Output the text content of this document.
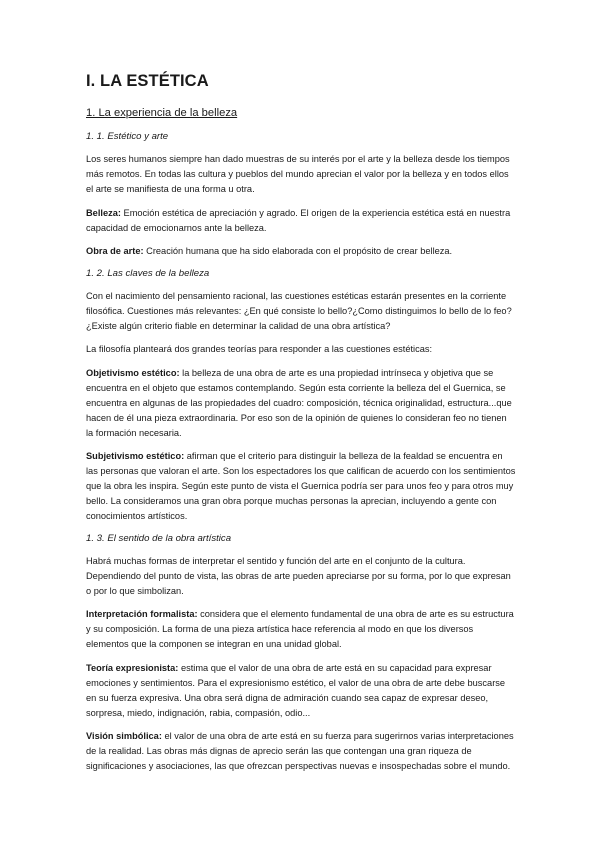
I. LA ESTÉTICA
1. La experiencia de la belleza
1. 1. Estético y arte

Los seres humanos siempre han dado muestras de su interés por el arte y la belleza desde los tiempos más remotos. En todas las cultura y pueblos del mundo aprecian el valor por la belleza y en todos ellos el arte se manifiesta de una forma u otra.

Belleza: Emoción estética de apreciación y agrado. El origen de la experiencia estética está en nuestra capacidad de emocionarnos ante la belleza.

Obra de arte: Creación humana que ha sido elaborada con el propósito de crear belleza.

1. 2. Las claves de la belleza

Con el nacimiento del pensamiento racional, las cuestiones estéticas estarán presentes en la corriente filosófica. Cuestiones más relevantes: ¿En qué consiste lo bello?¿Como distinguimos lo bello de lo feo?¿Existe algún criterio fiable en determinar la calidad de una obra artística?

La filosofía planteará dos grandes teorías para responder a las cuestiones estéticas:

Objetivismo estético: la belleza de una obra de arte es una propiedad intrínseca y objetiva que se encuentra en el objeto que estamos contemplando. Según esta corriente la belleza del el Guernica, se encuentra en algunas de las propiedades del cuadro: composición, técnica originalidad, estructura...que hacen de él una pieza extraordinaria. Por eso son de la opinión de quienes lo consideran feo no tienen la formación necesaria.

Subjetivismo estético: afirman que el criterio para distinguir la belleza de la fealdad se encuentra en las personas que valoran el arte. Son los espectadores los que califican de acuerdo con los sentimientos que la obra les inspira. Según este punto de vista el Guernica podría ser para unos feo y para otros muy bello. La consideramos una gran obra porque muchas personas la aprecian, incluyendo a gente con conocimientos artísticos.

1. 3. El sentido de la obra artística

Habrá muchas formas de interpretar el sentido y función del arte en el conjunto de la cultura. Dependiendo del punto de vista, las obras de arte pueden apreciarse por su forma, por lo que expresan o por lo que simbolizan.

Interpretación formalista: considera que el elemento fundamental de una obra de arte es su estructura y su composición. La forma de una pieza artística hace referencia al modo en que los diversos elementos que la componen se integran en una unidad global.

Teoría expresionista: estima que el valor de una obra de arte está en su capacidad para expresar emociones y sentimientos. Para el expresionismo estético, el valor de una obra de arte debe buscarse en su fuerza expresiva. Una obra será digna de admiración cuando sea capaz de expresar deseo, sorpresa, miedo, indignación, rabia, compasión, odio...

Visión simbólica: el valor de una obra de arte está en su fuerza para sugerirnos varias interpretaciones de la realidad. Las obras más dignas de aprecio serán las que contengan una gran riqueza de significaciones y asociaciones, las que ofrezcan perspectivas nuevas e insospechadas sobre el mundo.
